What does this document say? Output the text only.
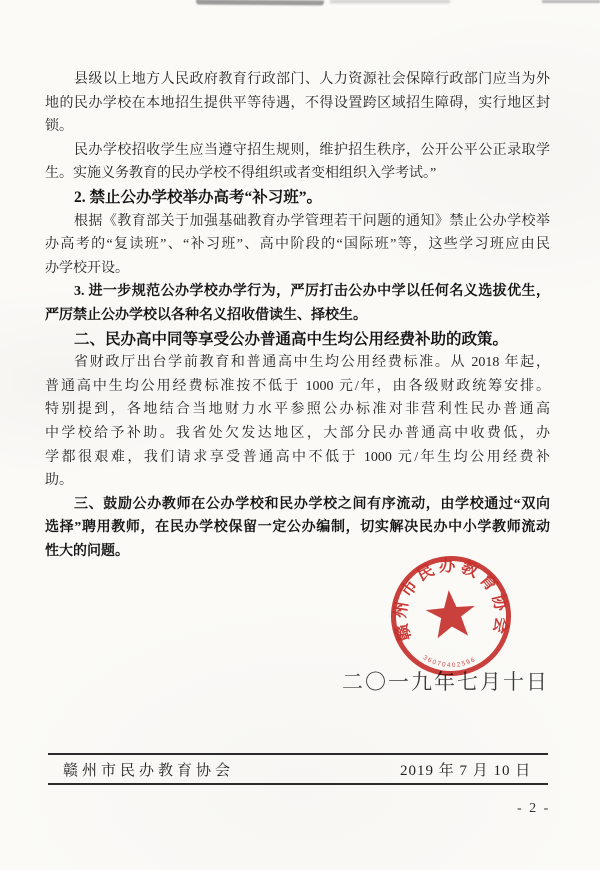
县级以上地方人民政府教育行政部门、人力资源社会保障行政部门应当为外
地的民办学校在本地招生提供平等待遇，不得设置跨区域招生障碍，实行地区封
锁。
民办学校招收学生应当遵守招生规则，维护招生秩序，公开公平公正录取学
生。实施义务教育的民办学校不得组织或者变相组织入学考试。”
2. 禁止公办学校举办高考“补习班”。
根据《教育部关于加强基础教育办学管理若干问题的通知》禁止公办学校举
办高考的“复读班”、“补习班”、高中阶段的“国际班”等，这些学习班应由民
办学校开设。
3. 进一步规范公办学校办学行为，严厉打击公办中学以任何名义选拔优生，
严厉禁止公办学校以各种名义招收借读生、择校生。
二、民办高中同等享受公办普通高中生均公用经费补助的政策。
省财政厅出台学前教育和普通高中生均公用经费标准。从 2018 年起，
普通高中生均公用经费标准按不低于 1000 元/年，由各级财政统筹安排。
特别提到，各地结合当地财力水平参照公办标准对非营利性民办普通高
中学校给予补助。我省处欠发达地区，大部分民办普通高中收费低，办
学都很艰难，我们请求享受普通高中不低于 1000 元/年生均公用经费补
助。
三、鼓励公办教师在公办学校和民办学校之间有序流动，由学校通过“双向
选择”聘用教师，在民办学校保留一定公办编制，切实解决民办中小学教师流动
性大的问题。
二〇一九年七月十日
赣州市民办教育协会
36070402596
赣州市民办教育协会	2019 年 7 月 10 日
- 2 -
